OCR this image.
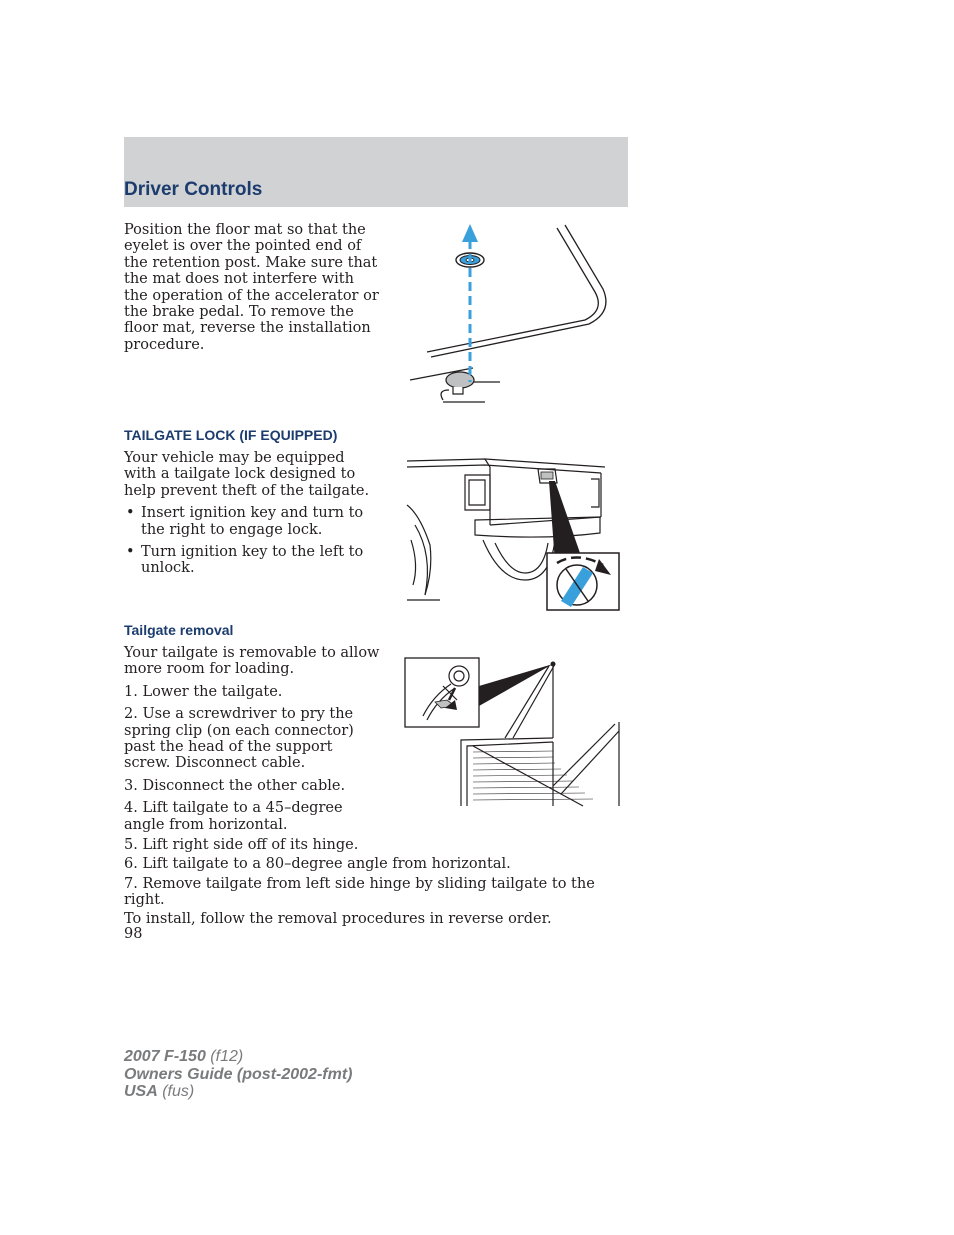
Driver Controls

Position the floor mat so that the eyelet is over the pointed end of the retention post. Make sure that the mat does not interfere with the operation of the accelerator or the brake pedal. To remove the floor mat, reverse the installation procedure.

TAILGATE LOCK (IF EQUIPPED)

Your vehicle may be equipped with a tailgate lock designed to help prevent theft of the tailgate.

• Insert ignition key and turn to the right to engage lock.
• Turn ignition key to the left to unlock.
Tailgate removal

Your tailgate is removable to allow more room for loading.

1. Lower the tailgate.

2. Use a screwdriver to pry the spring clip (on each connector) past the head of the support screw. Disconnect cable.

3. Disconnect the other cable.

4. Lift tailgate to a 45–degree angle from horizontal.

5. Lift right side off of its hinge.

6. Lift tailgate to a 80–degree angle from horizontal.

7. Remove tailgate from left side hinge by sliding tailgate to the right.

To install, follow the removal procedures in reverse order.

98
2007 F-150 (f12)
Owners Guide (post-2002-fmt)
USA (fus)
